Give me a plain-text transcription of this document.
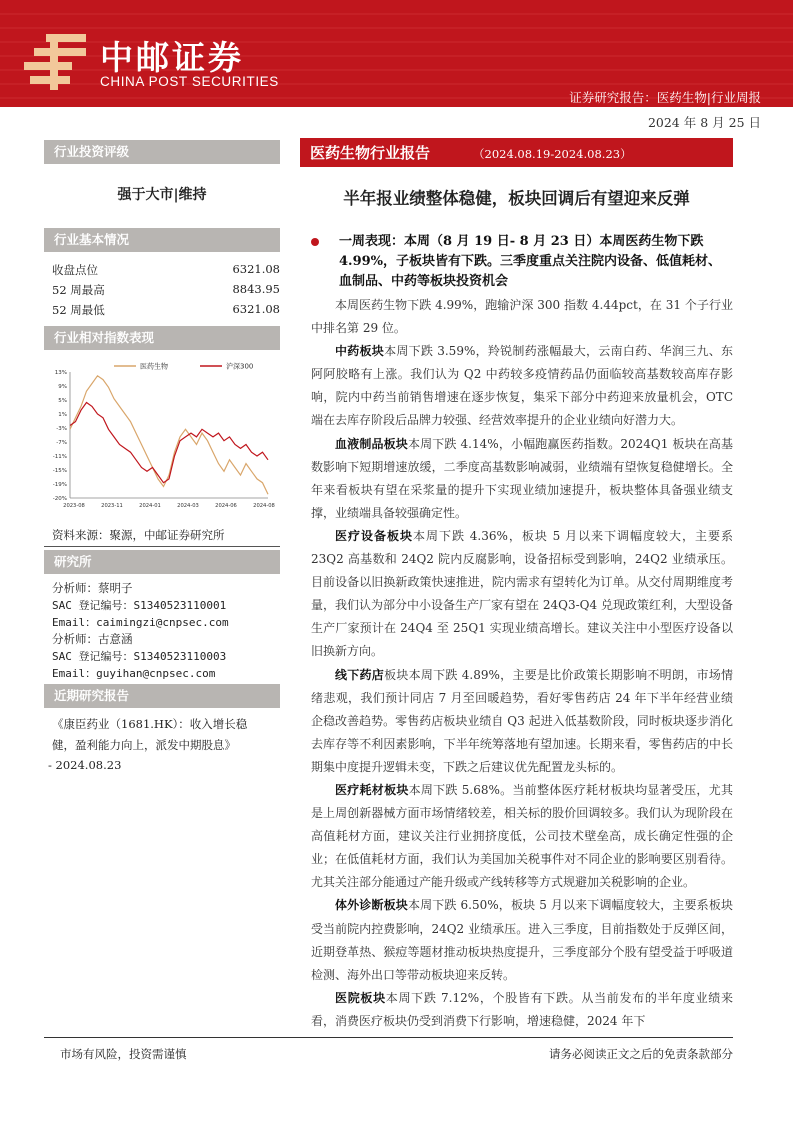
中邮证券
CHINA POST SECURITIES
证券研究报告：医药生物|行业周报
2024 年 8 月 25 日
行业投资评级
强于大市|维持
行业基本情况
收盘点位	6321.08
52 周最高	8843.95
52 周最低	6321.08
行业相对指数表现
医药生物	沪深300
13%
9%
5%
1%
-3%
-7%
-11%
-15%
-19%
-20%
2023-08	2023-11	2024-01	2024-03	2024-06	2024-08
资料来源：聚源，中邮证券研究所
研究所
分析师：蔡明子
SAC 登记编号：S1340523110001
Email：caimingzi@cnpsec.com
分析师：古意涵
SAC 登记编号：S1340523110003
Email：guyihan@cnpsec.com
近期研究报告
《康臣药业（1681.HK）：收入增长稳
健，盈利能力向上，派发中期股息》
- 2024.08.23
医药生物行业报告	（2024.08.19-2024.08.23）
半年报业绩整体稳健，板块回调后有望迎来反弹
一周表现：本周（8 月 19 日- 8 月 23 日）本周医药生物下跌 4.99%，子板块皆有下跌。三季度重点关注院内设备、低值耗材、血制品、中药等板块投资机会

本周医药生物下跌 4.99%，跑输沪深 300 指数 4.44pct，在 31 个子行业中排名第 29 位。

中药板块本周下跌 3.59%，羚锐制药涨幅最大，云南白药、华润三九、东阿阿胶略有上涨。我们认为 Q2 中药较多疫情药品仍面临较高基数较高库存影响，院内中药当前销售增速在逐步恢复，集采下部分中药迎来放量机会，OTC 端在去库存阶段后品牌力较强、经营效率提升的企业业绩向好潜力大。

血液制品板块本周下跌 4.14%，小幅跑赢医药指数。2024Q1 板块在高基数影响下短期增速放缓，二季度高基数影响减弱，业绩端有望恢复稳健增长。全年来看板块有望在采浆量的提升下实现业绩加速提升，板块整体具备强业绩支撑，业绩端具备较强确定性。

医疗设备板块本周下跌 4.36%，板块 5 月以来下调幅度较大，主要系 23Q2 高基数和 24Q2 院内反腐影响，设备招标受到影响，24Q2 业绩承压。目前设备以旧换新政策快速推进，院内需求有望转化为订单。从交付周期维度考量，我们认为部分中小设备生产厂家有望在 24Q3-Q4 兑现政策红利，大型设备生产厂家预计在 24Q4 至 25Q1 实现业绩高增长。建议关注中小型医疗设备以旧换新方向。

线下药店板块本周下跌 4.89%，主要是比价政策长期影响不明朗，市场情绪悲观，我们预计同店 7 月至回暖趋势，看好零售药店 24 年下半年经营业绩企稳改善趋势。零售药店板块业绩自 Q3 起进入低基数阶段，同时板块逐步消化去库存等不利因素影响，下半年统筹落地有望加速。长期来看，零售药店的中长期集中度提升逻辑未变，下跌之后建议优先配置龙头标的。

医疗耗材板块本周下跌 5.68%。当前整体医疗耗材板块均显著受压，尤其是上周创新器械方面市场情绪较差，相关标的股价回调较多。我们认为现阶段在高值耗材方面，建议关注行业拥挤度低，公司技术壁垒高，成长确定性强的企业；在低值耗材方面，我们认为美国加关税事件对不同企业的影响要区别看待。尤其关注部分能通过产能升级或产线转移等方式规避加关税影响的企业。

体外诊断板块本周下跌 6.50%，板块 5 月以来下调幅度较大，主要系板块受当前院内控费影响，24Q2 业绩承压。进入三季度，目前指数处于反弹区间，近期登革热、猴痘等题材推动板块热度提升，三季度部分个股有望受益于呼吸道检测、海外出口等带动板块迎来反转。

医院板块本周下跌 7.12%，个股皆有下跌。从当前发布的半年度业绩来看，消费医疗板块仍受到消费下行影响，增速稳健，2024 年下

市场有风险，投资需谨慎	请务必阅读正文之后的免责条款部分
